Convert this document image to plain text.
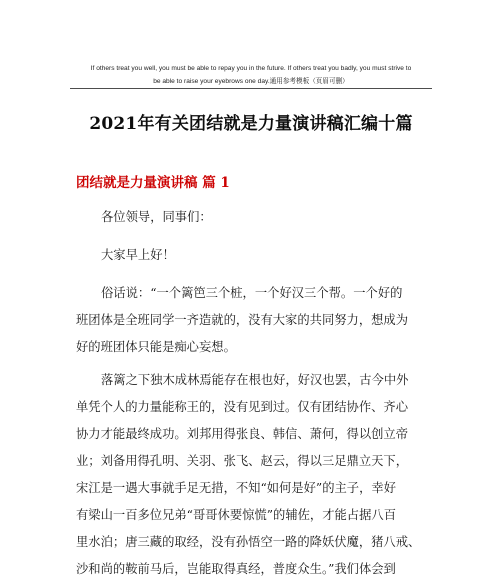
If others treat you well, you must be able to repay you in the future. If others treat you badly, you must strive to
be able to raise your eyebrows one day.通用参考模板（页眉可删）
2021年有关团结就是力量演讲稿汇编十篇
团结就是力量演讲稿 篇 1
各位领导，同事们：
大家早上好！
俗话说：“一个篱笆三个桩，一个好汉三个帮。一个好的
班团体是全班同学一齐造就的，没有大家的共同努力，想成为
好的班团体只能是痴心妄想。
落篱之下独木成林焉能存在根也好，好汉也罢，古今中外
单凭个人的力量能称王的，没有见到过。仅有团结协作、齐心
协力才能最终成功。刘邦用得张良、韩信、萧何，得以创立帝
业；刘备用得孔明、关羽、张飞、赵云，得以三足鼎立天下，
宋江是一遇大事就手足无措，不知“如何是好”的主子，幸好
有梁山一百多位兄弟“哥哥休要惊慌”的辅佐，才能占据八百
里水泊；唐三藏的取经，没有孙悟空一路的降妖伏魔，猪八戒、
沙和尚的鞍前马后，岂能取得真经，普度众生。”我们体会到
